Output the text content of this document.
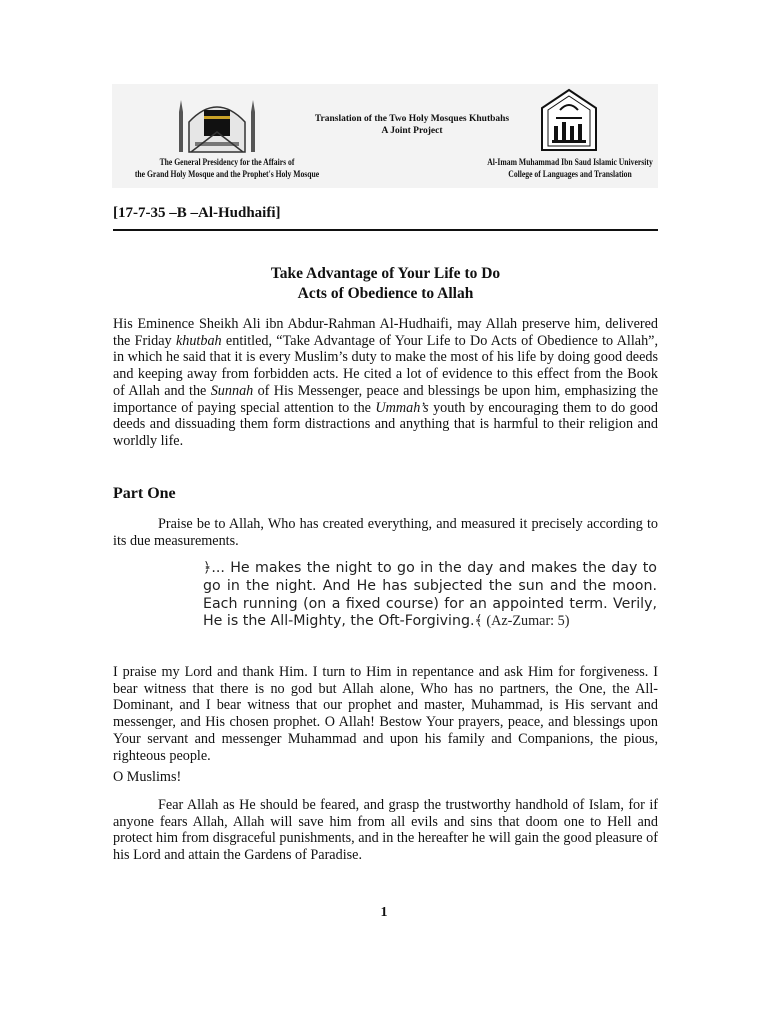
Translation of the Two Holy Mosques Khutbahs
A Joint Project
The General Presidency for the Affairs of
the Grand Holy Mosque and the Prophet's Holy Mosque
Al-Imam Muhammad Ibn Saud Islamic University
College of Languages and Translation
[17-7-35 –B –Al-Hudhaifi]
Take Advantage of Your Life to Do
Acts of Obedience to Allah
His Eminence Sheikh Ali ibn Abdur-Rahman Al-Hudhaifi, may Allah preserve him, delivered the Friday khutbah entitled, “Take Advantage of Your Life to Do Acts of Obedience to Allah”, in which he said that it is every Muslim’s duty to make the most of his life by doing good deeds and keeping away from forbidden acts. He cited a lot of evidence to this effect from the Book of Allah and the Sunnah of His Messenger, peace and blessings be upon him, emphasizing the importance of paying special attention to the Ummah’s youth by encouraging them to do good deeds and dissuading them form distractions and anything that is harmful to their religion and worldly life.
Part One
Praise be to Allah, Who has created everything, and measured it precisely according to its due measurements.
﴿... He makes the night to go in the day and makes the day to go in the night. And He has subjected the sun and the moon. Each running (on a fixed course) for an appointed term. Verily, He is the All-Mighty, the Oft-Forgiving.﴾ (Az-Zumar: 5)
I praise my Lord and thank Him. I turn to Him in repentance and ask Him for forgiveness. I bear witness that there is no god but Allah alone, Who has no partners, the One, the All-Dominant, and I bear witness that our prophet and master, Muhammad, is His servant and messenger, and His chosen prophet. O Allah! Bestow Your prayers, peace, and blessings upon Your servant and messenger Muhammad and upon his family and Companions, the pious, righteous people.
O Muslims!
Fear Allah as He should be feared, and grasp the trustworthy handhold of Islam, for if anyone fears Allah, Allah will save him from all evils and sins that doom one to Hell and protect him from disgraceful punishments, and in the hereafter he will gain the good pleasure of his Lord and attain the Gardens of Paradise.
1
